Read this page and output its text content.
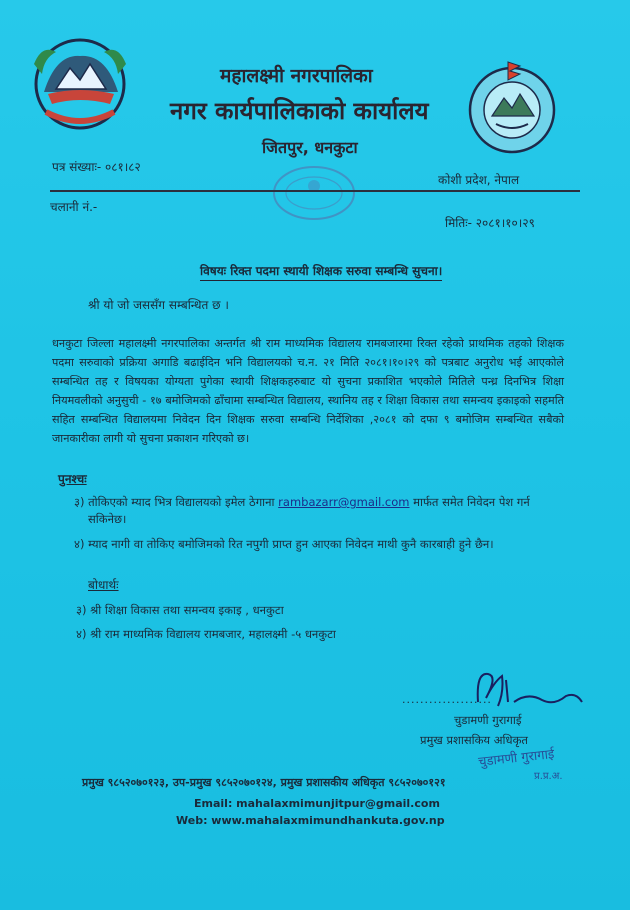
महालक्ष्मी नगरपालिका
नगर कार्यपालिकाको कार्यालय
जितपुर, धनकुटा
पत्र संख्याः- ०८१।८२
कोशी प्रदेश, नेपाल
चलानी नं.-
मितिः- २०८१।१०।२९
विषयः रिक्त पदमा स्थायी शिक्षक सरुवा सम्बन्धि सुचना।
श्री यो जो जससँग सम्बन्धित छ ।
धनकुटा जिल्ला महालक्ष्मी नगरपालिका अन्तर्गत श्री राम माध्यमिक विद्यालय रामबजारमा रिक्त रहेको प्राथमिक तहको शिक्षक पदमा सरुवाको प्रक्रिया अगाडि बढाईदिन भनि विद्यालयको च.न. २१ मिति २०८१।१०।२९ को पत्रबाट अनुरोध भई आएकोले सम्बन्धित तह र विषयका योग्यता पुगेका स्थायी शिक्षकहरुबाट यो सुचना प्रकाशित भएकोले मितिले पन्ध्र दिनभित्र शिक्षा नियमवलीको अनुसुची - १७ बमोजिमको ढाँचामा सम्बन्धित विद्यालय, स्थानिय तह र शिक्षा विकास तथा समन्वय इकाइको सहमति सहित सम्बन्धित विद्यालयमा निवेदन दिन शिक्षक सरुवा सम्बन्धि निर्देशिका ,२०८१ को दफा ९ बमोजिम सम्बन्धित सबैको जानकारीका लागी यो सुचना प्रकाशन गरिएको छ।
पुनश्च
३) तोकिएको म्याद भित्र विद्यालयको इमेल ठेगाना rambazarr@gmail.com मार्फत समेत निवेदन पेश गर्न
सकिनेछ।
४) म्याद नागी वा तोकिए बमोजिमको रित नपुगी प्राप्त हुन आएका निवेदन माथी कुनै कारबाही हुने छैन।
बोधार्थः
३) श्री शिक्षा विकास तथा समन्वय इकाइ , धनकुटा
४) श्री राम माध्यमिक विद्यालय रामबजार, महालक्ष्मी -५ धनकुटा
....................
चुडामणी गुरागाई
प्रमुख प्रशासकिय अधिकृत
चुडामणी गुरागाई
प्र.प्र.अ.
प्रमुख ९८५२०७०१२३, उप-प्रमुख ९८५२०७०१२४, प्रमुख प्रशासकीय अधिकृत ९८५२०७०१२१
Email: mahalaxmimunjitpur@gmail.com
Web: www.mahalaxmimundhankuta.gov.np
